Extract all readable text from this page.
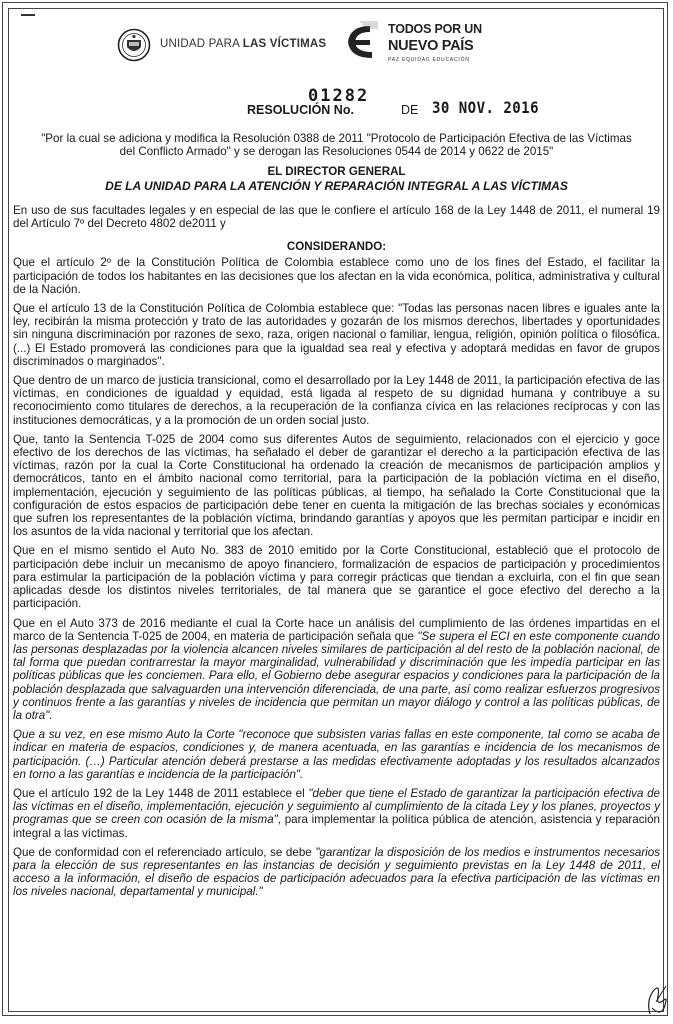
UNIDAD PARA LAS VÍCTIMAS
TODOS POR UN
NUEVO PAÍS
PAZ EQUIDAD EDUCACIÓN
01282
RESOLUCIÓN No.	DE 30 NOV. 2016

"Por la cual se adiciona y modifica la Resolución 0388 de 2011 "Protocolo de Participación Efectiva de las Víctimas del Conflicto Armado" y se derogan las Resoluciones 0544 de 2014 y 0622 de 2015"

EL DIRECTOR GENERAL

DE LA UNIDAD PARA LA ATENCIÓN Y REPARACIÓN INTEGRAL A LAS VÍCTIMAS

En uso de sus facultades legales y en especial de las que le confiere el artículo 168 de la Ley 1448 de 2011, el numeral 19 del Artículo 7º del Decreto 4802 de2011 y

CONSIDERANDO:

Que el artículo 2º de la Constitución Política de Colombia establece como uno de los fines del Estado, el facilitar la participación de todos los habitantes en las decisiones que los afectan en la vida económica, política, administrativa y cultural de la Nación.

Que el artículo 13 de la Constitución Política de Colombia establece que: "Todas las personas nacen libres e iguales ante la ley, recibirán la misma protección y trato de las autoridades y gozarán de los mismos derechos, libertades y oportunidades sin ninguna discriminación por razones de sexo, raza, origen nacional o familiar, lengua, religión, opinión política o filosófica. (...) El Estado promoverá las condiciones para que la igualdad sea real y efectiva y adoptará medidas en favor de grupos discriminados o marginados".

Que dentro de un marco de justicia transicional, como el desarrollado por la Ley 1448 de 2011, la participación efectiva de las víctimas, en condiciones de igualdad y equidad, está ligada al respeto de su dignidad humana y contribuye a su reconocimiento como titulares de derechos, a la recuperación de la confianza cívica en las relaciones recíprocas y con las instituciones democráticas, y a la promoción de un orden social justo.

Que, tanto la Sentencia T-025 de 2004 como sus diferentes Autos de seguimiento, relacionados con el ejercicio y goce efectivo de los derechos de las víctimas, ha señalado el deber de garantizar el derecho a la participación efectiva de las víctimas, razón por la cual la Corte Constitucional ha ordenado la creación de mecanismos de participación amplios y democráticos, tanto en el ámbito nacional como territorial, para la participación de la población víctima en el diseño, implementación, ejecución y seguimiento de las políticas públicas, al tiempo, ha señalado la Corte Constitucional que la configuración de estos espacios de participación debe tener en cuenta la mitigación de las brechas sociales y económicas que sufren los representantes de la población víctima, brindando garantías y apoyos que les permitan participar e incidir en los asuntos de la vida nacional y territorial que los afectan.

Que en el mismo sentido el Auto No. 383 de 2010 emitido por la Corte Constitucional, estableció que el protocolo de participación debe incluir un mecanismo de apoyo financiero, formalización de espacios de participación y procedimientos para estimular la participación de la población víctima y para corregir prácticas que tiendan a excluirla, con el fin que sean aplicadas desde los distintos niveles territoriales, de tal manera que se garantice el goce efectivo del derecho a la participación.

Que en el Auto 373 de 2016 mediante el cual la Corte hace un análisis del cumplimiento de las órdenes impartidas en el marco de la Sentencia T-025 de 2004, en materia de participación señala que "Se supera el ECI en este componente cuando las personas desplazadas por la violencia alcancen niveles similares de participación al del resto de la población nacional, de tal forma que puedan contrarrestar la mayor marginalidad, vulnerabilidad y discriminación que les impedía participar en las políticas públicas que les conciemen. Para ello, el Gobierno debe asegurar espacios y condiciones para la participación de la población desplazada que salvaguarden una intervención diferenciada, de una parte, así como realizar esfuerzos progresivos y continuos frente a las garantías y niveles de incidencia que permitan un mayor diálogo y control a las políticas públicas, de la otra".

Que a su vez, en ese mismo Auto la Corte "reconoce que subsisten varias fallas en este componente, tal como se acaba de indicar en materia de espacios, condiciones y, de manera acentuada, en las garantías e incidencia de los mecanismos de participación. (…) Particular atención deberá prestarse a las medidas efectivamente adoptadas y los resultados alcanzados en torno a las garantías e incidencia de la participación".

Que el artículo 192 de la Ley 1448 de 2011 establece el "deber que tiene el Estado de garantizar la participación efectiva de las víctimas en el diseño, implementación, ejecución y seguimiento al cumplimiento de la citada Ley y los planes, proyectos y programas que se creen con ocasión de la misma", para implementar la política pública de atención, asistencia y reparación integral a las víctimas.

Que de conformidad con el referenciado artículo, se debe "garantizar la disposición de los medios e instrumentos necesarios para la elección de sus representantes en las instancias de decisión y seguimiento previstas en la Ley 1448 de 2011, el acceso a la información, el diseño de espacios de participación adecuados para la efectiva participación de las víctimas en los niveles nacional, departamental y municipal."
